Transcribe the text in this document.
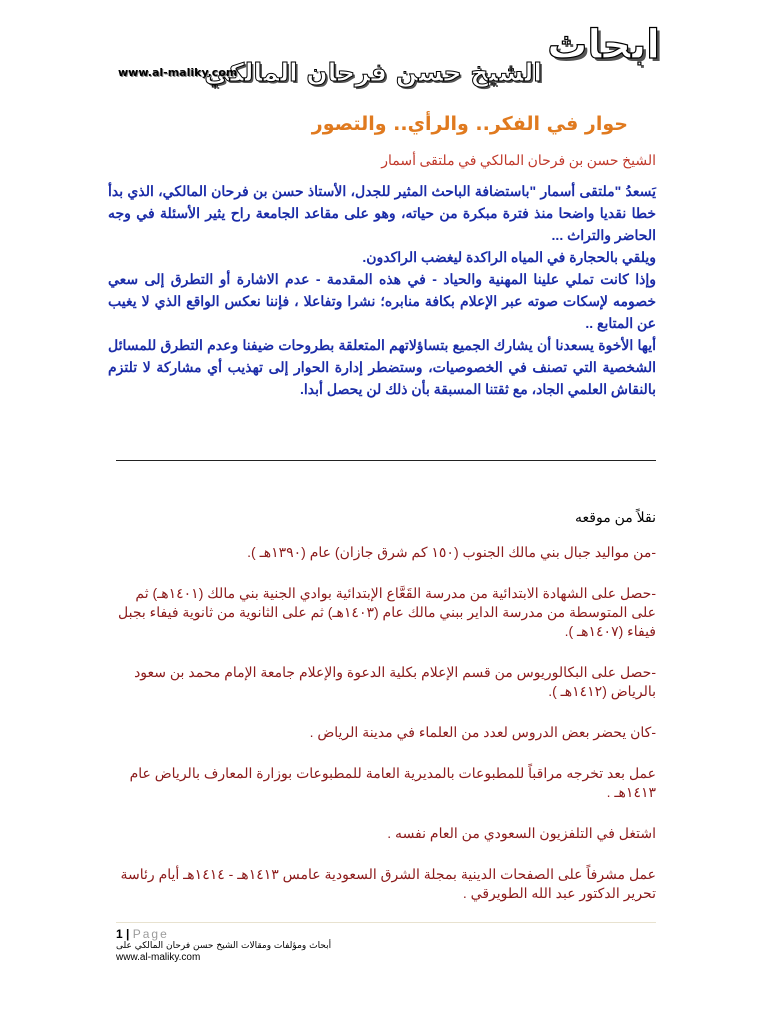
ابحاث
الشيخ حسن فرحان المالكي
www.al-maliky.com
حوار في الفكر.. والرأي.. والتصور
الشيخ حسن بن فرحان المالكي في ملتقى أسمار

يَسعدُ "ملتقى أسمار "باستضافة الباحث المثير للجدل، الأستاذ حسن بن فرحان المالكي، الذي بدأ خطا نقديا واضحا منذ فترة مبكرة من حياته، وهو على مقاعد الجامعة راح يثير الأسئلة في وجه الحاضر والتراث ...

ويلقي بالحجارة في المياه الراكدة ليغضب الراكدون.

وإذا كانت تملي علينا المهنية والحياد - في هذه المقدمة - عدم الاشارة أو التطرق إلى سعي خصومه لإسكات صوته عبر الإعلام بكافة منابره؛ نشرا وتفاعلا ، فإننا نعكس الواقع الذي لا يغيب عن المتابع ..

أيها الأخوة يسعدنا أن يشارك الجميع بتساؤلاتهم المتعلقة بطروحات ضيفنا وعدم التطرق للمسائل الشخصية التي تصنف في الخصوصيات، وستضطر إدارة الحوار إلى تهذيب أي مشاركة لا تلتزم بالنقاش العلمي الجاد، مع ثقتنا المسبقة بأن ذلك لن يحصل أبدا.

نقلاً من موقعه

-من مواليد جبال بني مالك الجنوب (١٥٠ كم شرق جازان) عام (١٣٩٠هـ ).

-حصل على الشهادة الابتدائية من مدرسة القَعَّاع الإبتدائية بوادي الجنية بني مالك (١٤٠١هـ) ثم على المتوسطة من مدرسة الداير ببني مالك عام (١٤٠٣هـ) ثم على الثانوية من ثانوية فيفاء بجبل فيفاء (١٤٠٧هـ ).

-حصل على البكالوريوس من قسم الإعلام بكلية الدعوة والإعلام جامعة الإمام محمد بن سعود بالرياض (١٤١٢هـ ).

-كان يحضر بعض الدروس لعدد من العلماء في مدينة الرياض .

عمل بعد تخرجه مراقباً للمطبوعات بالمديرية العامة للمطبوعات بوزارة المعارف بالرياض عام ١٤١٣هـ .

اشتغل في التلفزيون السعودي من العام نفسه .

عمل مشرفاً على الصفحات الدينية بمجلة الشرق السعودية عامس ١٤١٣هـ - ١٤١٤هـ أيام رئاسة تحرير الدكتور عبد الله الطويرقي .

1 | Page
أبحاث ومؤلفات ومقالات الشيخ حسن فرحان المالكي على
www.al-maliky.com
